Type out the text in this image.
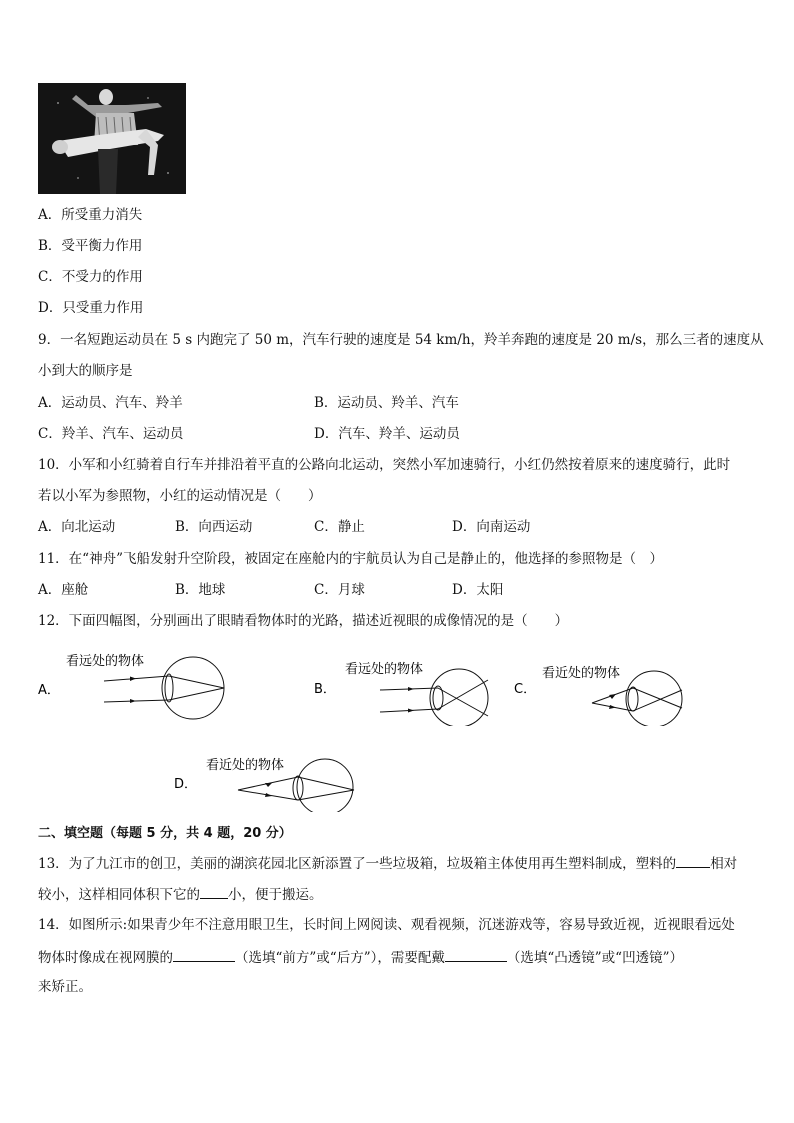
A．所受重力消失
B．受平衡力作用
C．不受力的作用
D．只受重力作用
9．一名短跑运动员在 5 s 内跑完了 50 m，汽车行驶的速度是 54 km/h，羚羊奔跑的速度是 20 m/s，那么三者的速度从
小到大的顺序是
A．运动员、汽车、羚羊	B．运动员、羚羊、汽车
C．羚羊、汽车、运动员	D．汽车、羚羊、运动员
10．小军和小红骑着自行车并排沿着平直的公路向北运动，突然小军加速骑行，小红仍然按着原来的速度骑行，此时
若以小军为参照物，小红的运动情况是（　　）
A．向北运动	B．向西运动	C．静止	D．向南运动
11．在“神舟”飞船发射升空阶段，被固定在座舱内的宇航员认为自己是静止的，他选择的参照物是（　）
A．座舱	B．地球	C．月球	D．太阳
12．下面四幅图，分别画出了眼睛看物体时的光路，描述近视眼的成像情况的是（　　）
看远处的物体
A．
看远处的物体
B．
看近处的物体
C．
看近处的物体
D．
二、填空题（每题 5 分，共 4 题，20 分）
13．为了九江市的创卫，美丽的湖滨花园北区新添置了一些垃圾箱，垃圾箱主体使用再生塑料制成，塑料的	相对
较小，这样相同体积下它的 小，便于搬运。
14．如图所示:如果青少年不注意用眼卫生，长时间上网阅读、观看视频，沉迷游戏等，容易导致近视，近视眼看远处
物体时像成在视网膜的	（选填“前方”或“后方”），需要配戴	（选填“凸透镜”或“凹透镜”）
来矫正。
